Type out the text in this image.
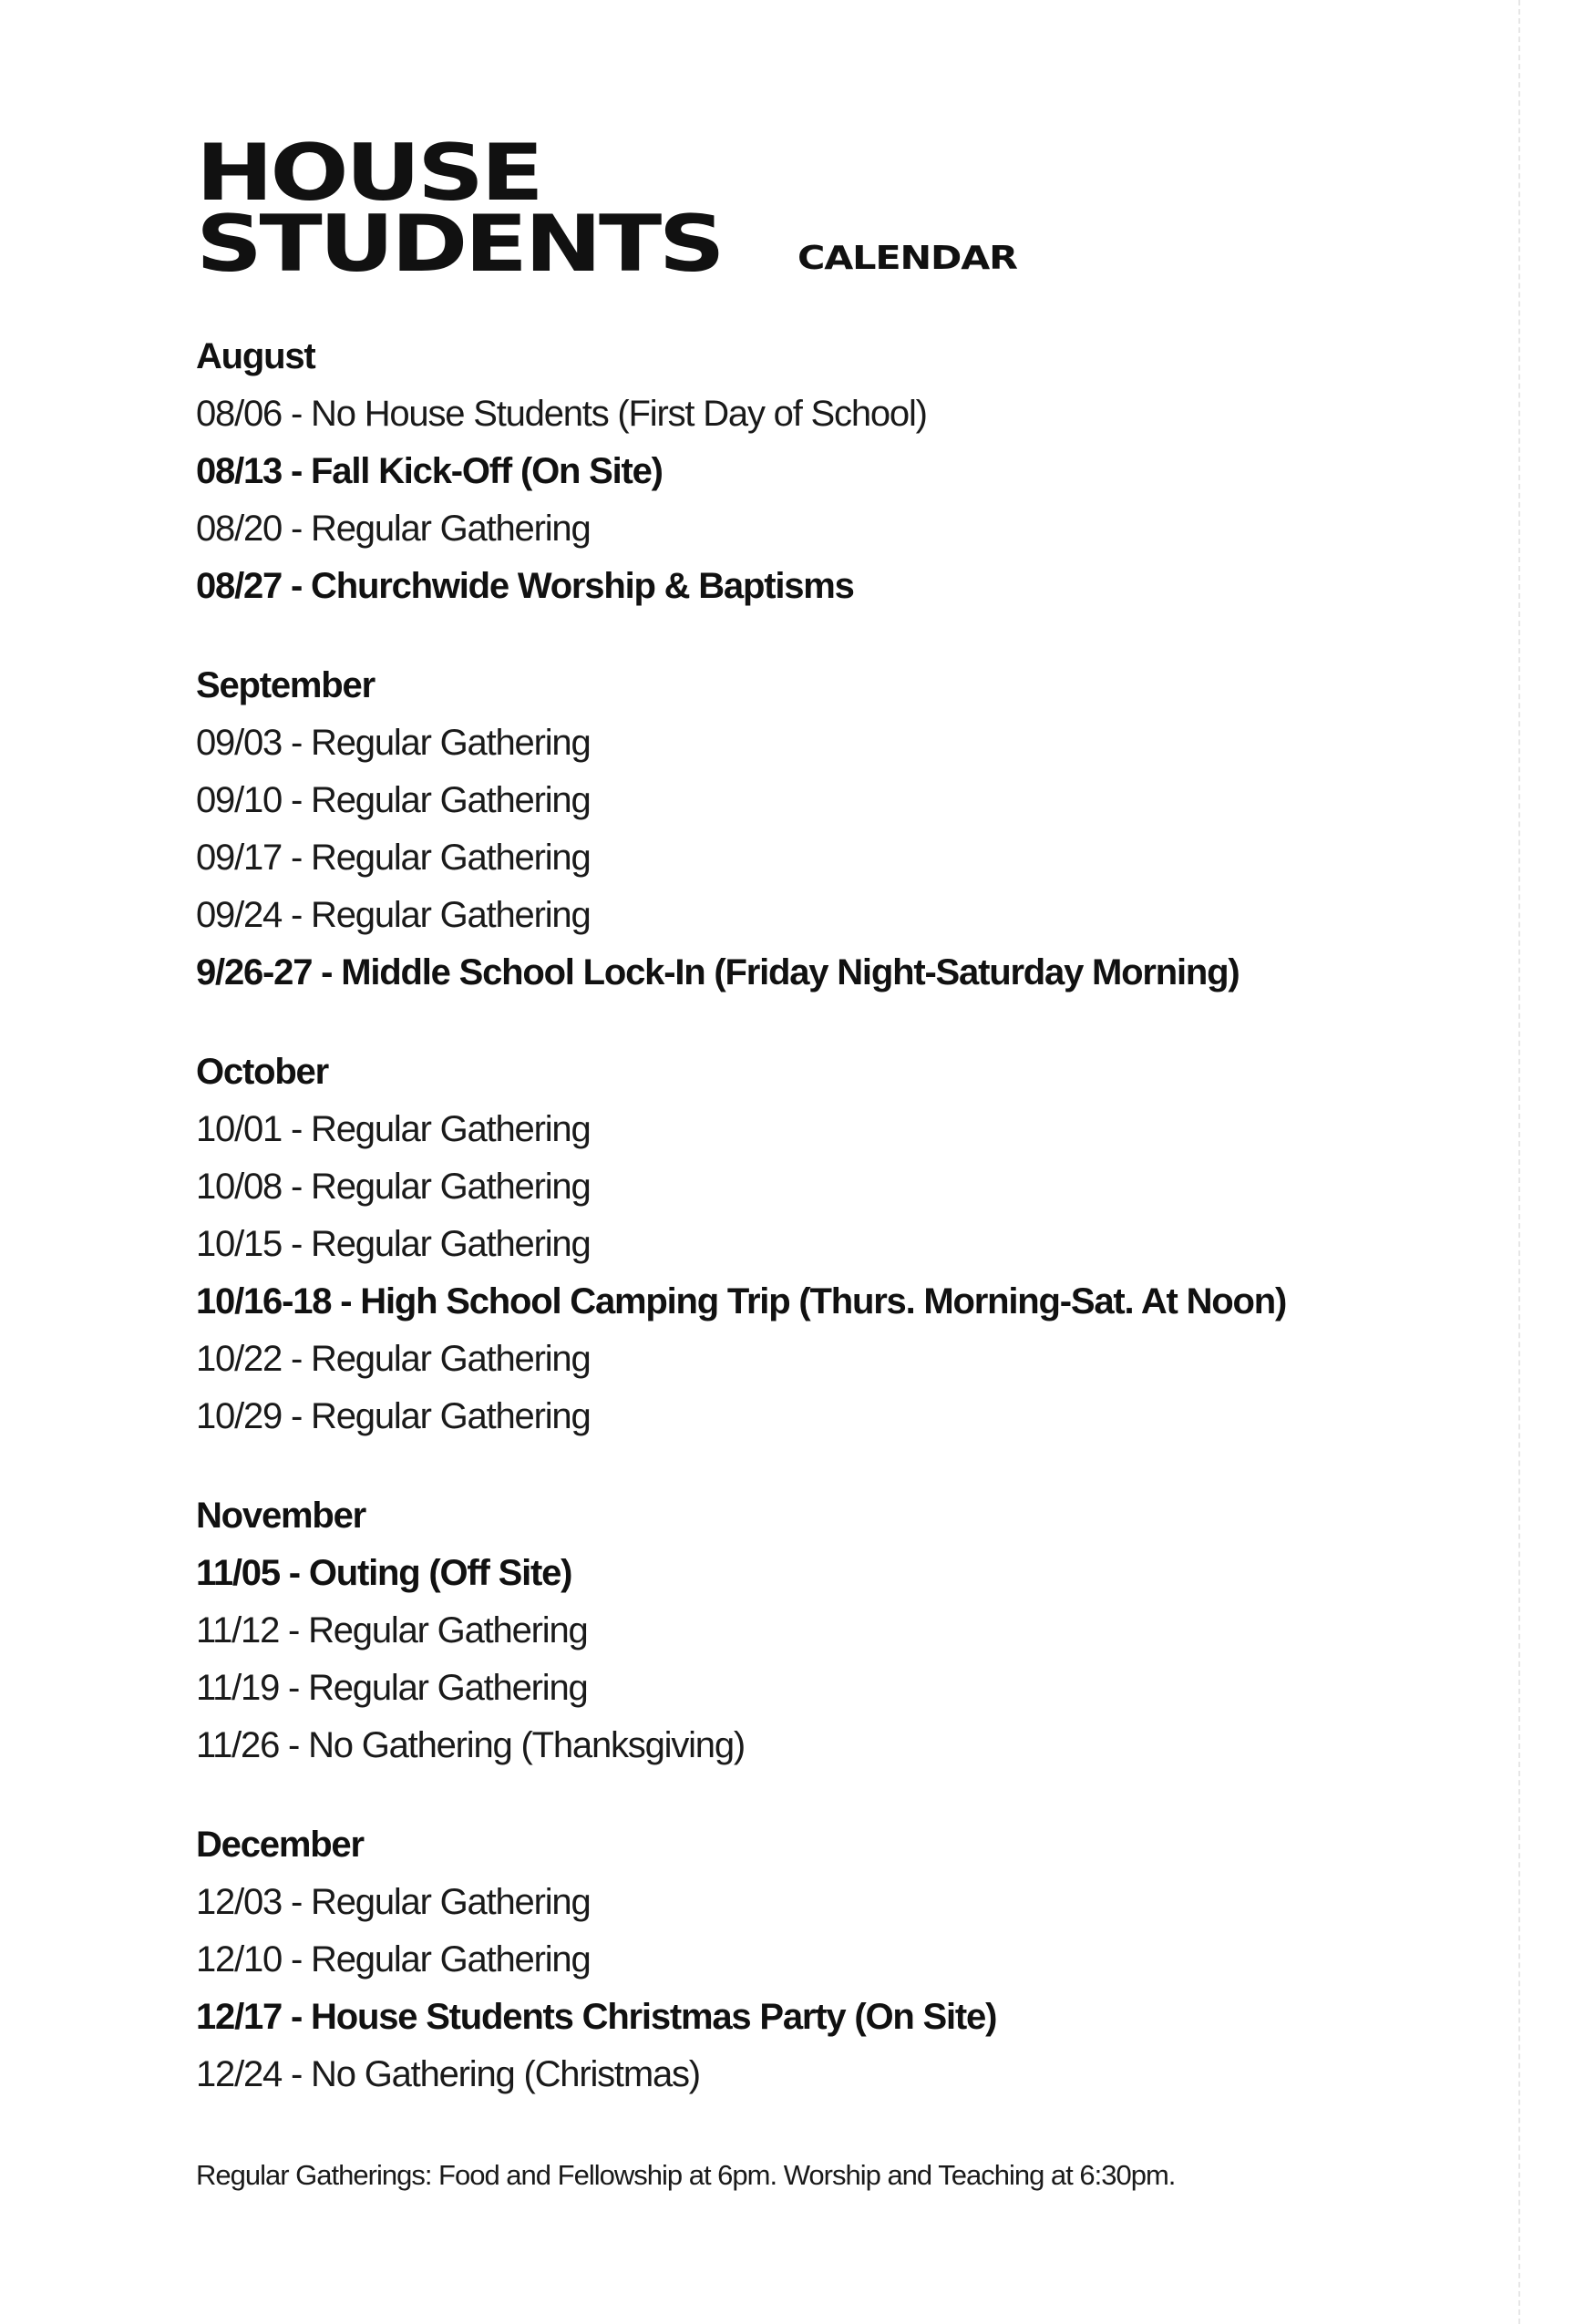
HOUSE
STUDENTS CALENDAR
August
08/06 - No House Students (First Day of School)
08/13 - Fall Kick-Off (On Site)
08/20 - Regular Gathering
08/27 - Churchwide Worship & Baptisms
September
09/03 - Regular Gathering
09/10 - Regular Gathering
09/17 - Regular Gathering
09/24 - Regular Gathering
9/26-27 - Middle School Lock-In (Friday Night-Saturday Morning)
October
10/01 - Regular Gathering
10/08 - Regular Gathering
10/15 - Regular Gathering
10/16-18 - High School Camping Trip (Thurs. Morning-Sat. At Noon)
10/22 - Regular Gathering
10/29 - Regular Gathering
November
11/05 - Outing (Off Site)
11/12 - Regular Gathering
11/19 - Regular Gathering
11/26 - No Gathering (Thanksgiving)
December
12/03 - Regular Gathering
12/10 - Regular Gathering
12/17 - House Students Christmas Party (On Site)
12/24 - No Gathering (Christmas)
Regular Gatherings: Food and Fellowship at 6pm. Worship and Teaching at 6:30pm.
